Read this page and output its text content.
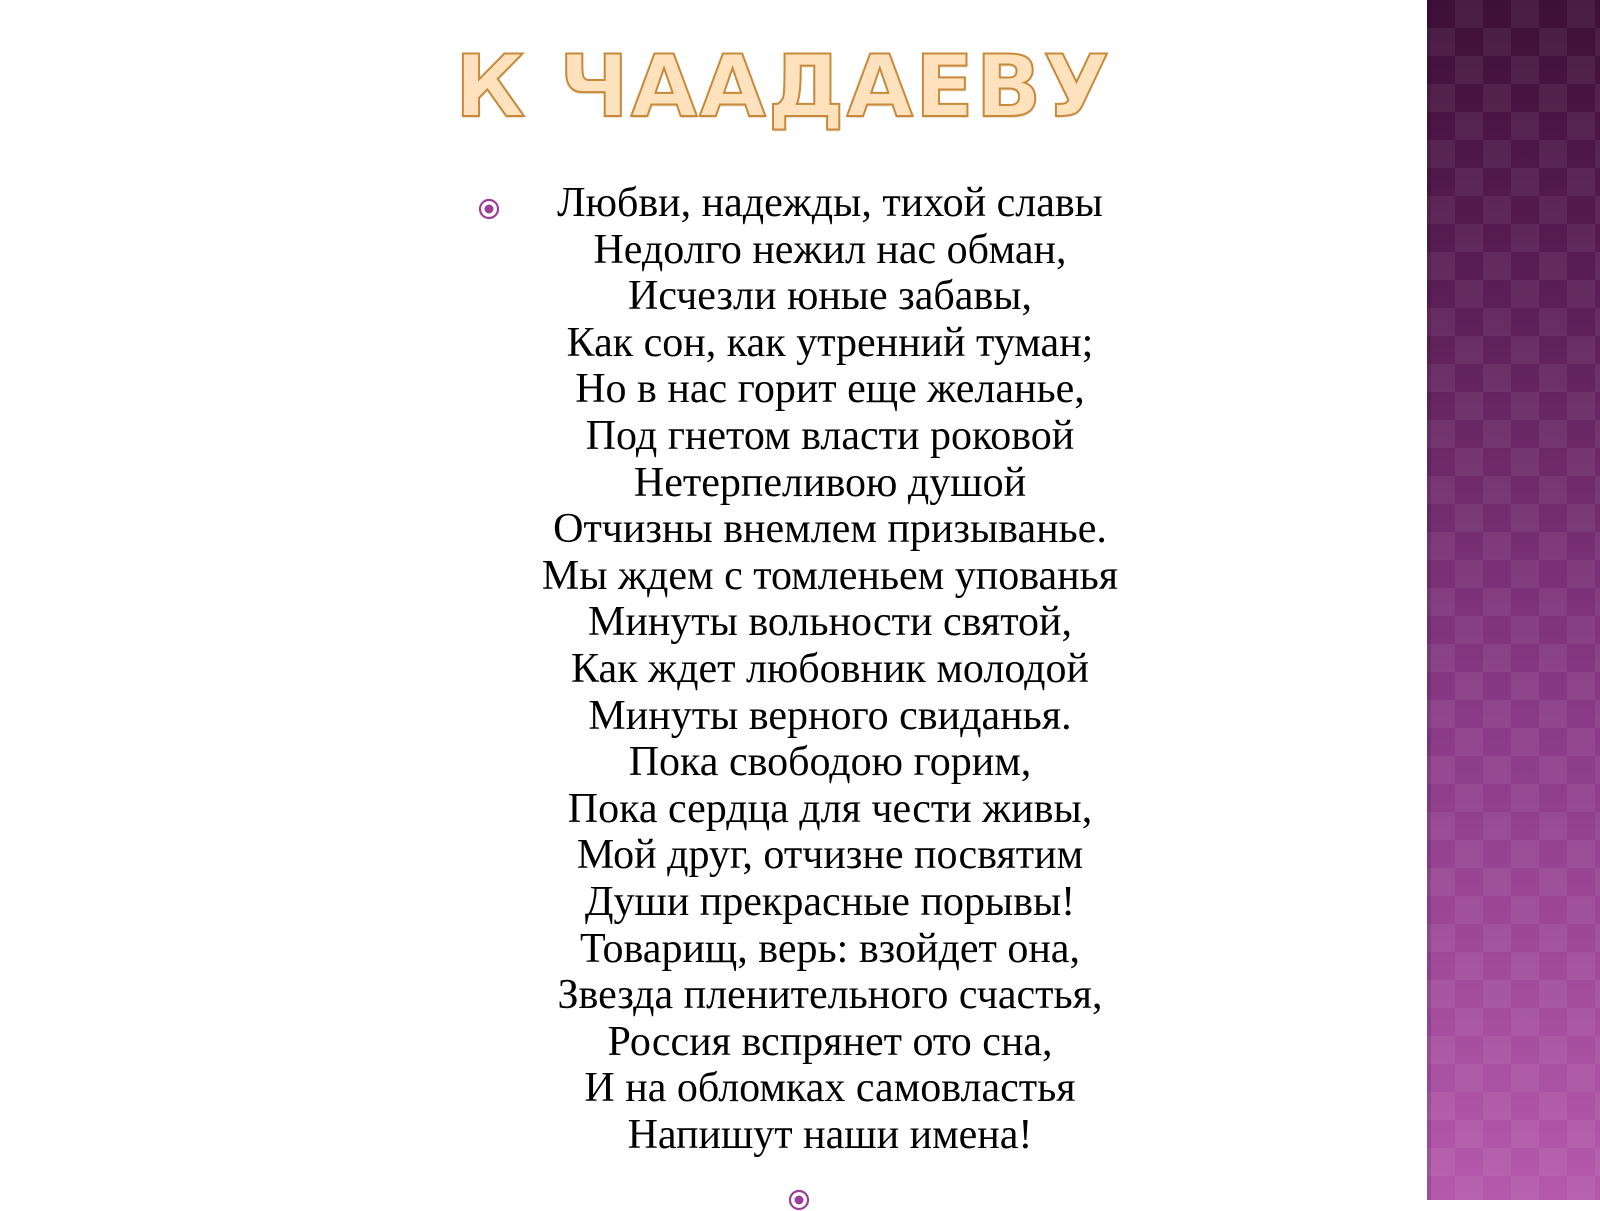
К ЧААДАЕВУ
Любви, надежды, тихой славы
Недолго нежил нас обман,
Исчезли юные забавы,
Как сон, как утренний туман;
Но в нас горит еще желанье,
Под гнетом власти роковой
Нетерпеливою душой
Отчизны внемлем призыванье.
Мы ждем с томленьем упованья
Минуты вольности святой,
Как ждет любовник молодой
Минуты верного свиданья.
Пока свободою горим,
Пока сердца для чести живы,
Мой друг, отчизне посвятим
Души прекрасные порывы!
Товарищ, верь: взойдет она,
Звезда пленительного счастья,
Россия вспрянет ото сна,
И на обломках самовластья
Напишут наши имена!
